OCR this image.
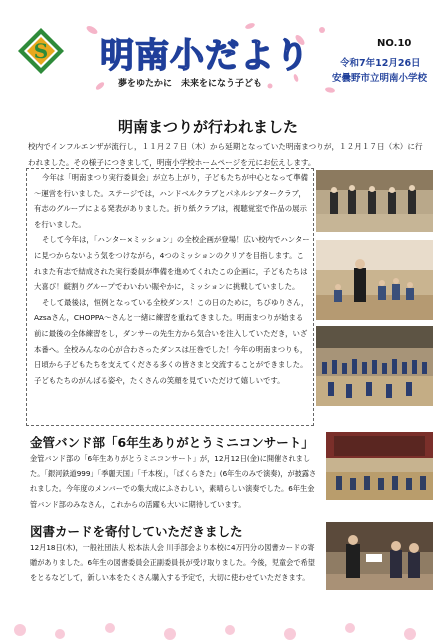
S 明南小だより
夢をゆたかに　未来をになう子ども
NO.10
令和7年12月26日
安曇野市立明南小学校
明南まつりが行われました
校内でインフルエンザが流行し，１１月２７日（木）から延期となっていた明南まつりが，１２月１７日（木）に行われました。その様子につきまして，明南小学校ホームページを元にお伝えします。

今年は「明南まつり実行委員会」が立ち上がり，子どもたちが中心となって準備～運営を行いました。ステージでは，ハンドベルクラブとパネルシアタークラブ，有志のグループによる発表がありました。折り紙クラブは，視聴覚室で作品の展示を行いました。

そして今年は，「ハンター×ミッション」の全校企画が登場！広い校内でハンターに見つからないよう気をつけながら，4つのミッションのクリアを目指します。これまた有志で結成された実行委員が準備を進めてくれたこの企画に，子どもたちは大喜び！縦割りグループでわいわい賑やかに，ミッションに挑戦していました。

そして最後は，恒例となっている全校ダンス！この日のために，ちびゆりさん，Azsaさん，CHOPPA～さんと一緒に練習を重ねてきました。明南まつりが始まる前に最後の全体練習をし，ダンサーの先生方から気合いを注入していただき，いざ本番へ。全校みんなの心が合わさったダンスは圧巻でした！今年の明南まつりも，日頃から子どもたちを支えてくださる多くの皆さまと交流することができました。子どもたちのがんばる姿や，たくさんの笑顔を見ていただけて嬉しいです。

金管バンド部「6年生ありがとうミニコンサート」
金管バンド部の「6年生ありがとうミニコンサート」が，12月12日(金)に開催されました。「銀河鉄道999」「季麗天国」「千本桜」，「ぱくらきた」(6年生のみで演奏)，が披露されました。今年度のメンバーでの集大成にふさわしい，素晴らしい演奏でした。6年生金管バンド部のみなさん，これからの活躍も大いに期待しています。
図書カードを寄付していただきました
12月18日(木)，一般社団法人 松本法人会 川手部会より本校に4万円分の図書カードの寄贈がありました。6年生の図書委員会正副委員長が受け取りました。今後，児童会で希望をとるなどして，新しい本をたくさん購入する予定で，大切に使わせていただきます。
